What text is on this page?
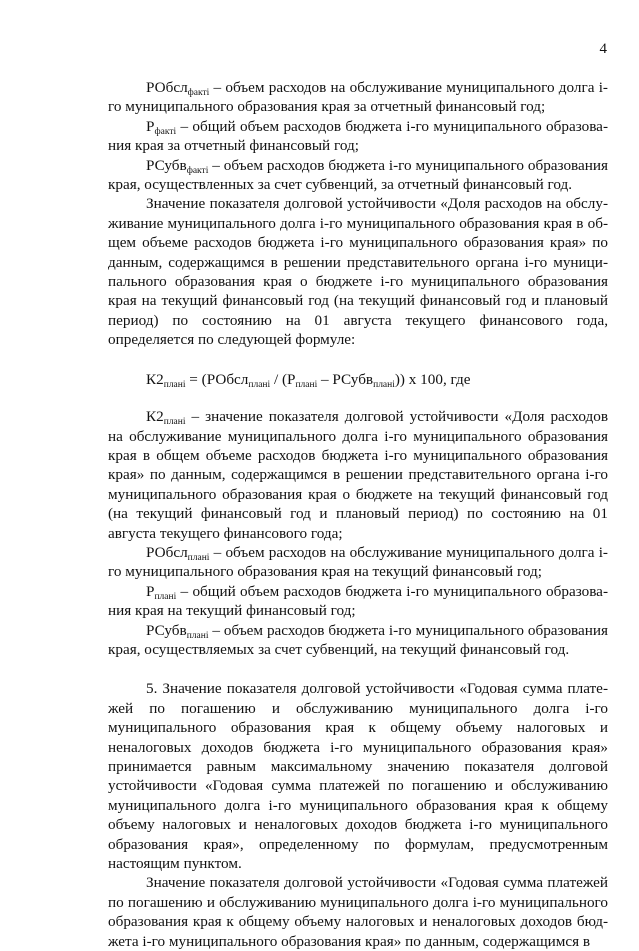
4

РОбсл$_{факті}$ – объем расходов на обслуживание муниципального долга і-го муниципального образования края за отчетный финансовый год;

$Р_{факті}$ – общий объем расходов бюджета і-го муниципального образования края за отчетный финансовый год;

РСубв$_{факті}$ – объем расходов бюджета і-го муниципального образования края, осуществленных за счет субвенций, за отчетный финансовый год.

Значение показателя долговой устойчивости «Доля расходов на обслуживание муниципального долга і-го муниципального образования края в общем объеме расходов бюджета і-го муниципального образования края» по данным, содержащимся в решении представительного органа і-го муниципального образования края о бюджете і-го муниципального образования края на текущий финансовый год (на текущий финансовый год и плановый период) по состоянию на 01 августа текущего финансового года, определяется по следующей формуле:

$К2_{плані}$ = (РОбсл$_{плані}$ / ($Р_{плані}$ – РСубв$_{плані}$)) х 100, где

$К2_{плані}$ – значение показателя долговой устойчивости «Доля расходов на обслуживание муниципального долга і-го муниципального образования края в общем объеме расходов бюджета і-го муниципального образования края» по данным, содержащимся в решении представительного органа і-го муниципального образования края о бюджете на текущий финансовый год (на текущий финансовый год и плановый период) по состоянию на 01 августа текущего финансового года;

РОбсл$_{плані}$ – объем расходов на обслуживание муниципального долга і-го муниципального образования края на текущий финансовый год;

$Р_{плані}$ – общий объем расходов бюджета і-го муниципального образования края на текущий финансовый год;

РСубв$_{плані}$ – объем расходов бюджета і-го муниципального образования края, осуществляемых за счет субвенций, на текущий финансовый год.

5. Значение показателя долговой устойчивости «Годовая сумма платежей по погашению и обслуживанию муниципального долга і-го муниципального образования края к общему объему налоговых и неналоговых доходов бюджета і-го муниципального образования края» принимается равным максимальному значению показателя долговой устойчивости «Годовая сумма платежей по погашению и обслуживанию муниципального долга і-го муниципального образования края к общему объему налоговых и неналоговых доходов бюджета і-го муниципального образования края», определенному по формулам, предусмотренным настоящим пунктом.

Значение показателя долговой устойчивости «Годовая сумма платежей по погашению и обслуживанию муниципального долга і-го муниципального образования края к общему объему налоговых и неналоговых доходов бюджета і-го муниципального образования края» по данным, содержащимся в
